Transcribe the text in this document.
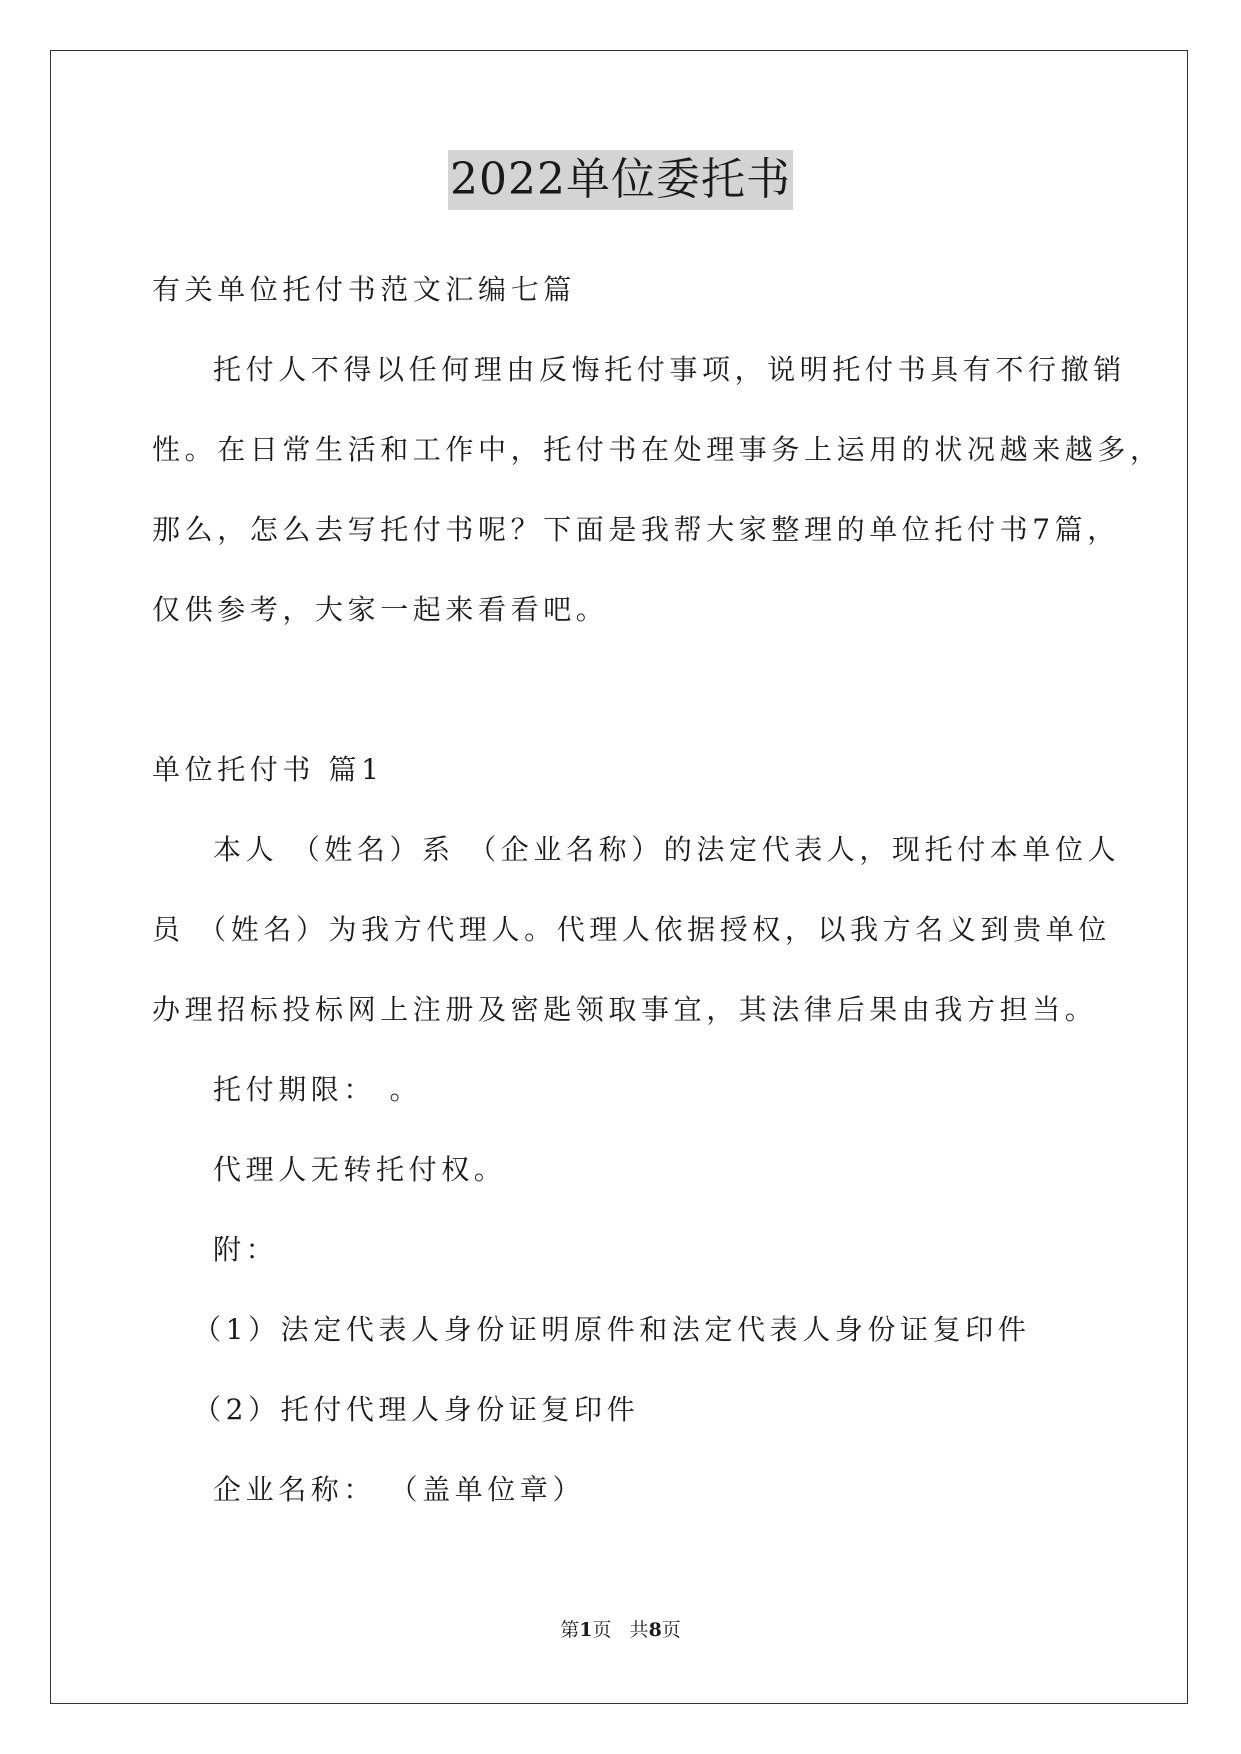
2022单位委托书
有关单位托付书范文汇编七篇
托付人不得以任何理由反悔托付事项，说明托付书具有不行撤销
性。在日常生活和工作中，托付书在处理事务上运用的状况越来越多，
那么，怎么去写托付书呢？下面是我帮大家整理的单位托付书7篇，
仅供参考，大家一起来看看吧。
单位托付书 篇1
本人 （姓名）系 （企业名称）的法定代表人，现托付本单位人
员 （姓名）为我方代理人。代理人依据授权，以我方名义到贵单位
办理招标投标网上注册及密匙领取事宜，其法律后果由我方担当。
托付期限： 。
代理人无转托付权。
附：
（1）法定代表人身份证明原件和法定代表人身份证复印件
（2）托付代理人身份证复印件
企业名称： （盖单位章）
第1页   共8页
